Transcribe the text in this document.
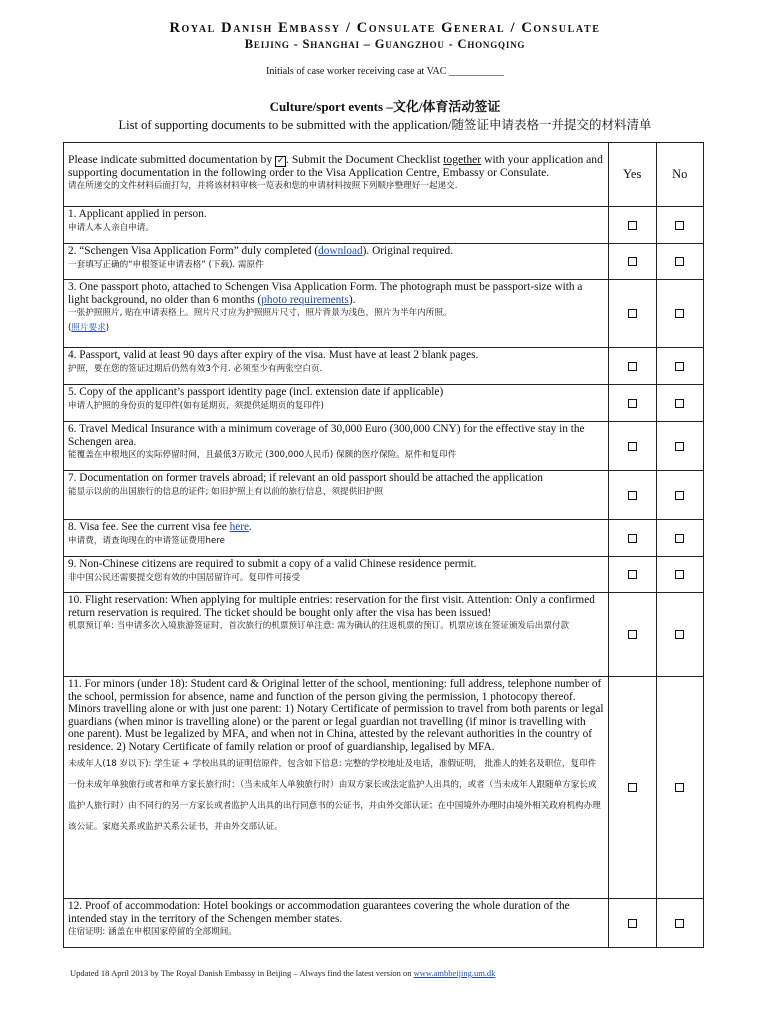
Royal Danish Embassy / Consulate General / Consulate
Beijing - Shanghai – Guangzhou - Chongqing
Initials of case worker receiving case at VAC ___________
Culture/sport events –文化/体育活动签证
List of supporting documents to be submitted with the application/随签证申请表格一并提交的材料清单
Please indicate submitted documentation by ✓ . Submit the Document Checklist together with your application and supporting documentation in the following order to the Visa Application Centre, Embassy or Consulate.
请在所递交的文件材料后面打勾，并将该材料审核一览表和您的申请材料按照下列顺序整理好一起递交.	Yes	No

1. Applicant applied in person.
申请人本人亲自申请。		

2. “Schengen Visa Application Form” duly completed (download). Original required.
一套填写正确的“申根签证申请表格” (下载). 需原件		

3. One passport photo, attached to Schengen Visa Application Form. The photograph must be passport-size with a light background, no older than 6 months (photo requirements).
一张护照照片, 贴在申请表格上。照片尺寸应为护照照片尺寸，照片背景为浅色，照片为半年内所照。
(照片要求)		

4. Passport, valid at least 90 days after expiry of the visa. Must have at least 2 blank pages.
护照，要在您的签证过期后仍然有效3个月. 必须至少有两张空白页.		

5. Copy of the applicant’s passport identity page (incl. extension date if applicable)
申请人护照的身份页的复印件(如有延期页，须提供延期页的复印件)		

6. Travel Medical Insurance with a minimum coverage of 30,000 Euro (300,000 CNY) for the effective stay in the Schengen area.
能覆盖在申根地区的实际停留时间，且最低3万欧元 (300,000人民币) 保额的医疗保险。原件和复印件		

7. Documentation on former travels abroad; if relevant an old passport should be attached the application
能显示以前的出国旅行的信息的证件; 如旧护照上有以前的旅行信息，须提供旧护照		

8. Visa fee. See the current visa fee here.
申请费，请查询现在的申请签证费用here		

9. Non-Chinese citizens are required to submit a copy of a valid Chinese residence permit.
非中国公民还需要提交您有效的中国居留许可。复印件可接受		

10. Flight reservation: When applying for multiple entries: reservation for the first visit. Attention: Only a confirmed return reservation is required. The ticket should be bought only after the visa has been issued!
机票预订单: 当申请多次入境旅游签证时，首次旅行的机票预订单注意: 需为确认的往返机票的预订。机票应该在签证颁发后出票付款		

11. For minors (under 18): Student card & Original letter of the school, mentioning: full address, telephone number of the school, permission for absence, name and function of the person giving the permission, 1 photocopy thereof.
Minors travelling alone or with just one parent: 1) Notary Certificate of permission to travel from both parents or legal guardians (when minor is travelling alone) or the parent or legal guardian not travelling (if minor is travelling with one parent). Must be legalized by MFA, and when not in China, attested by the relevant authorities in the country of residence. 2) Notary Certificate of family relation or proof of guardianship, legalised by MFA.
未成年人(18 岁以下): 学生证 + 学校出具的证明信原件，包含如下信息: 完整的学校地址及电话，准假证明， 批准人的姓名及职位，复印件一份未成年单独旅行或者和单方家长旅行时：（当未成年人单独旅行时）由双方家长或法定监护人出具的，或者（当未成年人跟随单方家长或监护人旅行时）由不同行的另一方家长或者监护人出具的出行同意书的公证书，并由外交部认证；在中国境外办理时由境外相关政府机构办理该公证。家庭关系或监护关系公证书，并由外交部认证。		

12. Proof of accommodation: Hotel bookings or accommodation guarantees covering the whole duration of the intended stay in the territory of the Schengen member states.
住宿证明: 涵盖在申根国家停留的全部期间。		

Updated 18 April 2013 by The Royal Danish Embassy in Beijing – Always find the latest version on www.ambbeijing.um.dk
